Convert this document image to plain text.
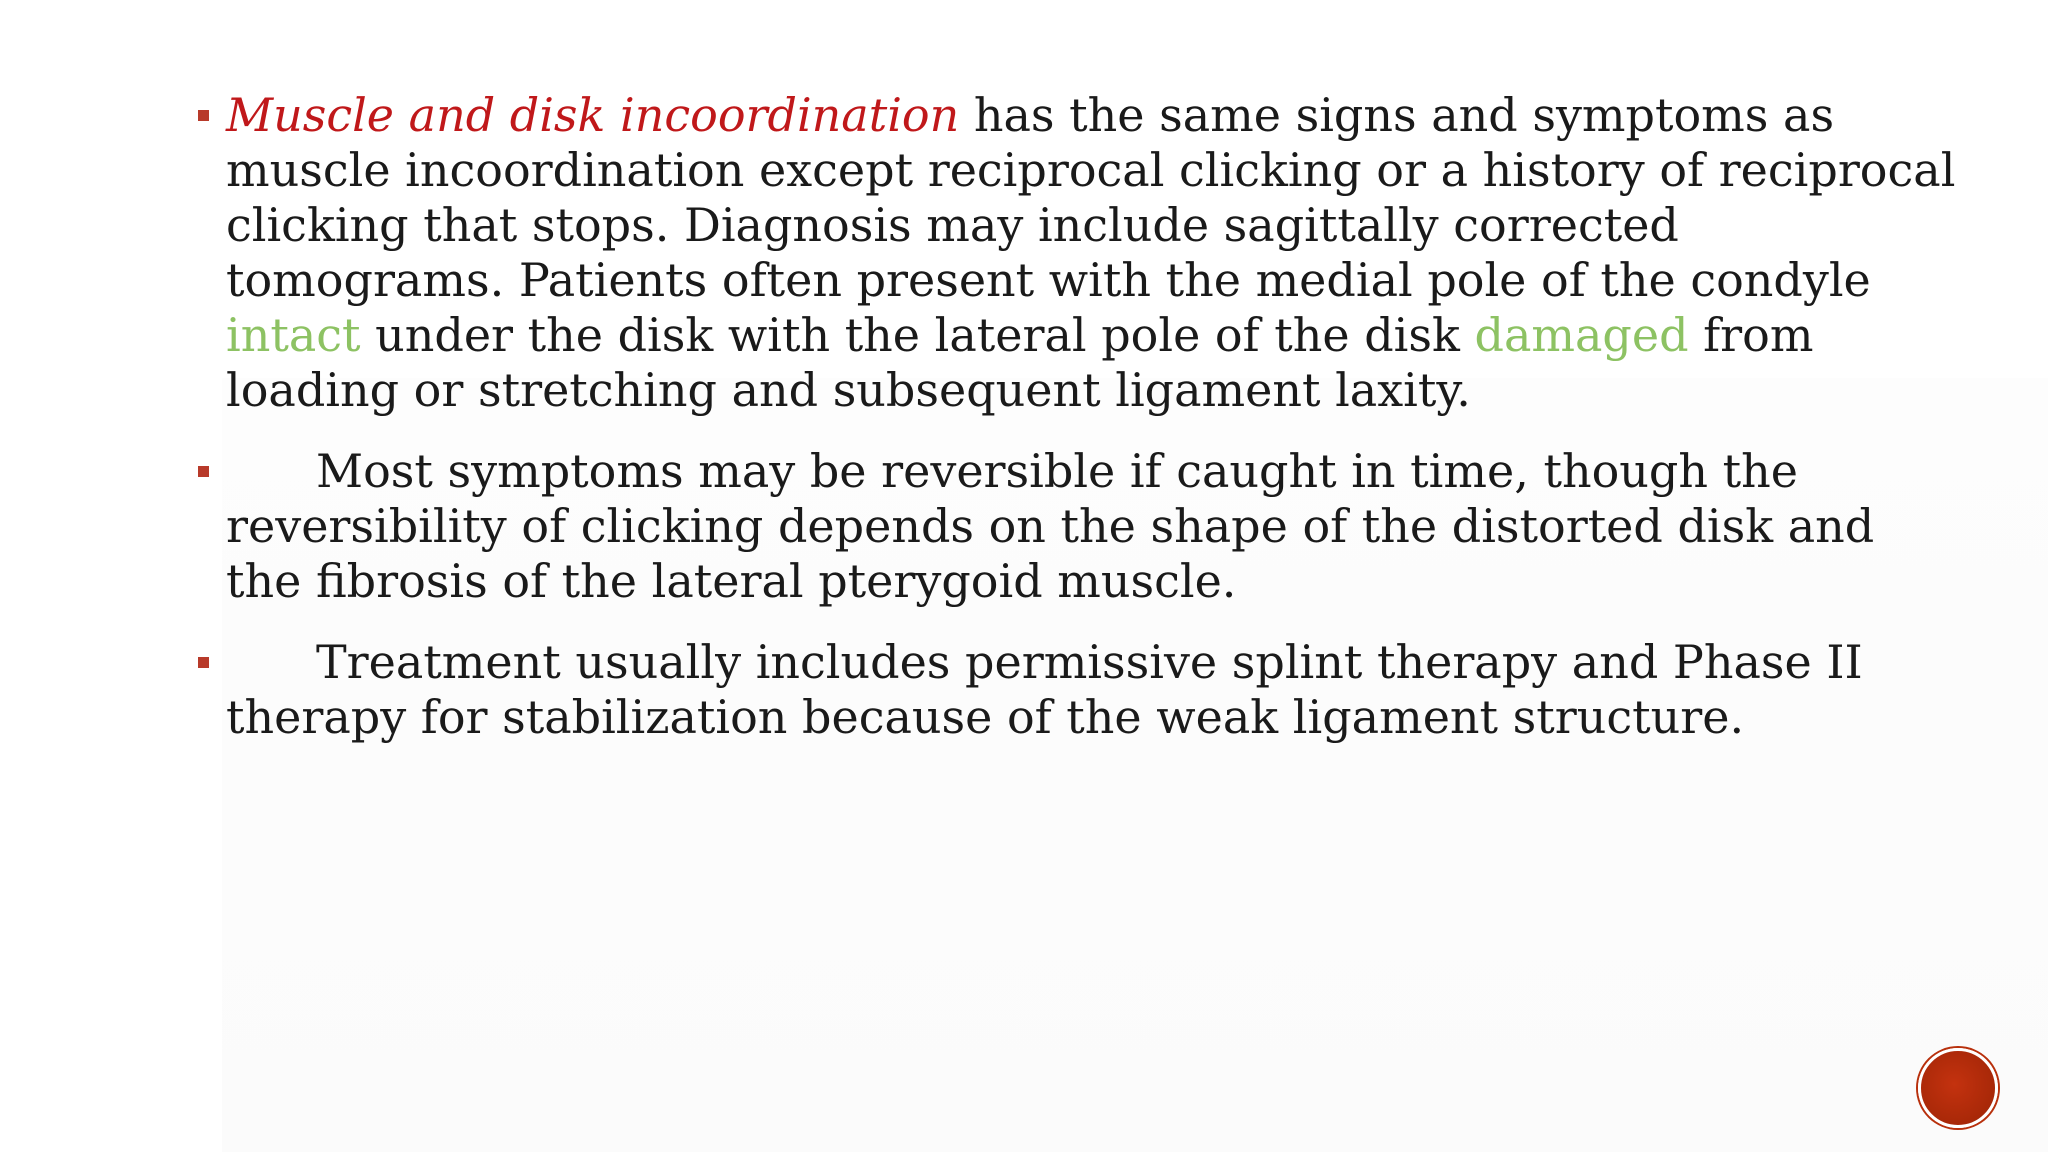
Muscle and disk incoordination has the same signs and symptoms as muscle incoordination except reciprocal clicking or a history of reciprocal clicking that stops. Diagnosis may include sagittally corrected tomograms. Patients often present with the medial pole of the condyle intact under the disk with the lateral pole of the disk damaged from loading or stretching and subsequent ligament laxity.
Most symptoms may be reversible if caught in time, though the reversibility of clicking depends on the shape of the distorted disk and the fibrosis of the lateral pterygoid muscle.
Treatment usually includes permissive splint therapy and Phase II therapy for stabilization because of the weak ligament structure.
